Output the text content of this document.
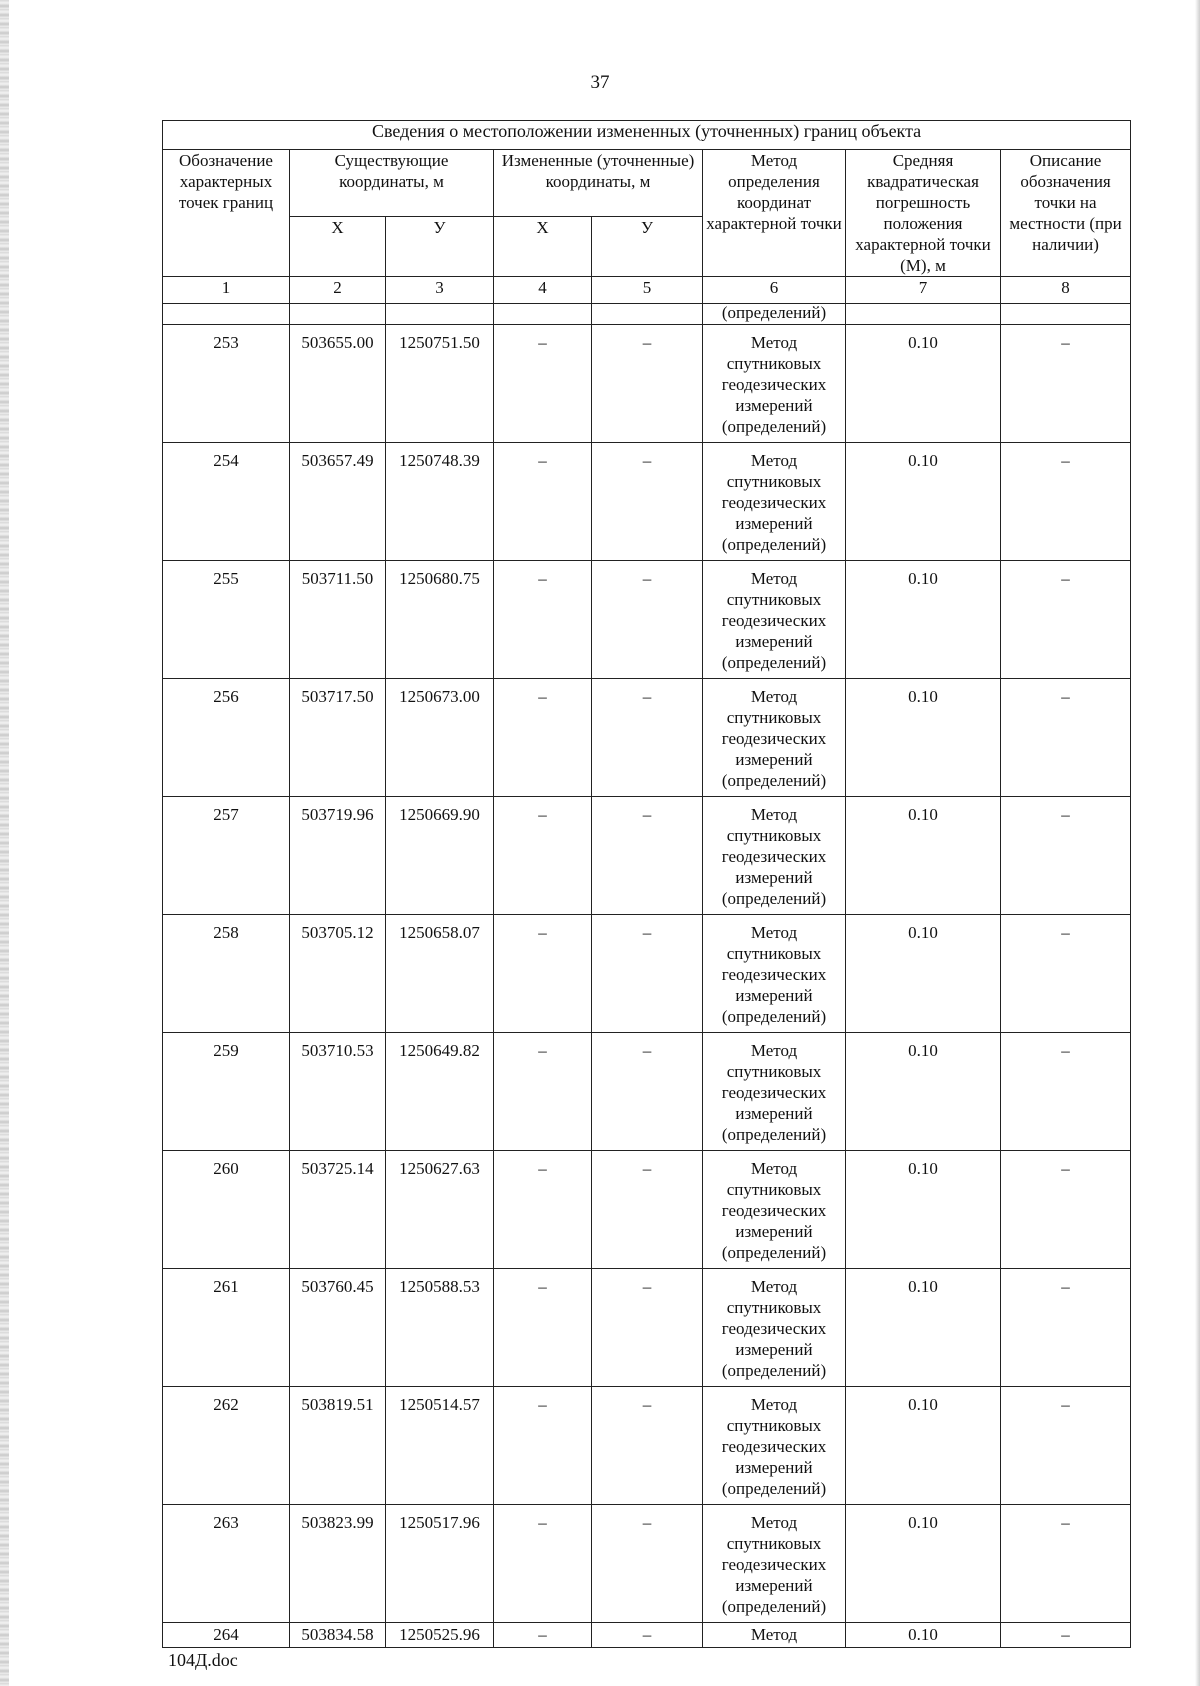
37
Сведения о местоположении измененных (уточненных) границ объекта							
Обозначение характерных точек границ	Существующие координаты, м		Измененные (уточненные) координаты, м		Метод определения координат характерной точки	Средняя квадратическая погрешность положения характерной точки (М), м	Описание обозначения точки на местности (при наличии)
	Х	У	Х	У			
1	2	3	4	5	6	7	8
					(определений)		
253	503655.00	1250751.50	–	–	Метод
спутниковых
геодезических
измерений
(определений)	0.10	–
254	503657.49	1250748.39	–	–	Метод
спутниковых
геодезических
измерений
(определений)	0.10	–
255	503711.50	1250680.75	–	–	Метод
спутниковых
геодезических
измерений
(определений)	0.10	–
256	503717.50	1250673.00	–	–	Метод
спутниковых
геодезических
измерений
(определений)	0.10	–
257	503719.96	1250669.90	–	–	Метод
спутниковых
геодезических
измерений
(определений)	0.10	–
258	503705.12	1250658.07	–	–	Метод
спутниковых
геодезических
измерений
(определений)	0.10	–
259	503710.53	1250649.82	–	–	Метод
спутниковых
геодезических
измерений
(определений)	0.10	–
260	503725.14	1250627.63	–	–	Метод
спутниковых
геодезических
измерений
(определений)	0.10	–
261	503760.45	1250588.53	–	–	Метод
спутниковых
геодезических
измерений
(определений)	0.10	–
262	503819.51	1250514.57	–	–	Метод
спутниковых
геодезических
измерений
(определений)	0.10	–
263	503823.99	1250517.96	–	–	Метод
спутниковых
геодезических
измерений
(определений)	0.10	–
264	503834.58	1250525.96	–	–	Метод	0.10	–
104Д.doc
